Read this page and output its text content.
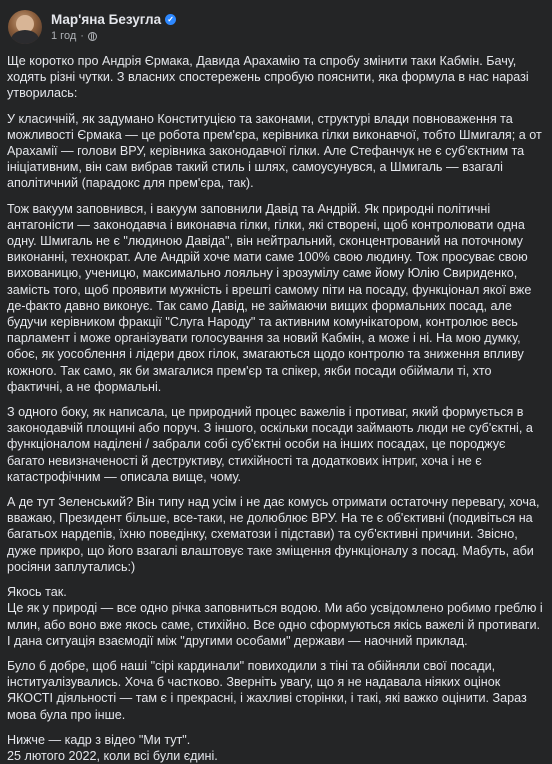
Мар'яна Безугла ✓
1 год ·

Ще коротко про Андрія Єрмака, Давида Арахамію та спробу змінити таки Кабмін. Бачу, ходять різні чутки. З власних спостережень спробую пояснити, яка формула в нас наразі утворилась:

У класичній, як задумано Конституцією та законами, структурі влади повноваження та можливості Єрмака — це робота прем'єра, керівника гілки виконавчої, тобто Шмигаля; а от Арахамії — голови ВРУ, керівника законодавчої гілки. Але Стефанчук не є суб'єктним та ініціативним, він сам вибрав такий стиль і шлях, самоусунувся, а Шмигаль — взагалі аполітичний (парадокс для прем'єра, так).

Тож вакуум заповнився, і вакуум заповнили Давід та Андрій. Як природні політичні антагоністи — законодавча і виконавча гілки, гілки, які створені, щоб контролювати одна одну. Шмигаль не є "людиною Давіда", він нейтральний, сконцентрований на поточному виконанні, технократ. Але Андрій хоче мати саме 100% свою людину. Тож просуває свою вихованицю, ученицю, максимально лояльну і зрозумілу саме йому Юлію Свириденко, замість того, щоб проявити мужність і врешті самому піти на посаду, функціонал якої вже де-факто давно виконує. Так само Давід, не займаючи вищих формальних посад, але будучи керівником фракції "Слуга Народу" та активним комунікатором, контролює весь парламент і може організувати голосування за новий Кабмін, а може і ні. На мою думку, обоє, як уособлення і лідери двох гілок, змагаються щодо контролю та зниження впливу кожного. Так само, як би змагалися прем'єр та спікер, якби посади обіймали ті, хто фактичні, а не формальні.

З одного боку, як написала, це природний процес важелів і противаг, який формується в законодавчій площині або поруч. З іншого, оскільки посади займають люди не суб'єктні, а функціоналом наділені / забрали собі суб'єктні особи на інших посадах, це породжує багато невизначеності й деструктиву, стихійності та додаткових інтриг, хоча і не є катастрофічним — описала вище, чому.

А де тут Зеленський? Він типу над усім і не дає комусь отримати остаточну перевагу, хоча, вважаю, Президент більше, все-таки, не долюблює ВРУ. На те є об'єктивні (подивіться на багатьох нардепів, їхню поведінку, схематози і підстави) та суб'єктивні причини. Звісно, дуже прикро, що його взагалі влаштовує таке зміщення функціоналу з посад. Мабуть, аби росіяни заплутались:)

Якось так.
Це як у природі — все одно річка заповниться водою. Ми або усвідомлено робимо греблю і млин, або воно вже якось саме, стихійно. Все одно сформуються якісь важелі й противаги. І дана ситуація взаємодії між "другими особами" держави — наочний приклад.

Було б добре, щоб наші "сірі кардинали" повиходили з тіні та обійняли свої посади, інституалізувались. Хоча б частково. Зверніть увагу, що я не надавала ніяких оцінок ЯКОСТІ діяльності — там є і прекрасні, і жахливі сторінки, і такі, які важко оцінити. Зараз мова була про інше.

Нижче — кадр з відео "Ми тут".
25 лютого 2022, коли всі були єдині.
